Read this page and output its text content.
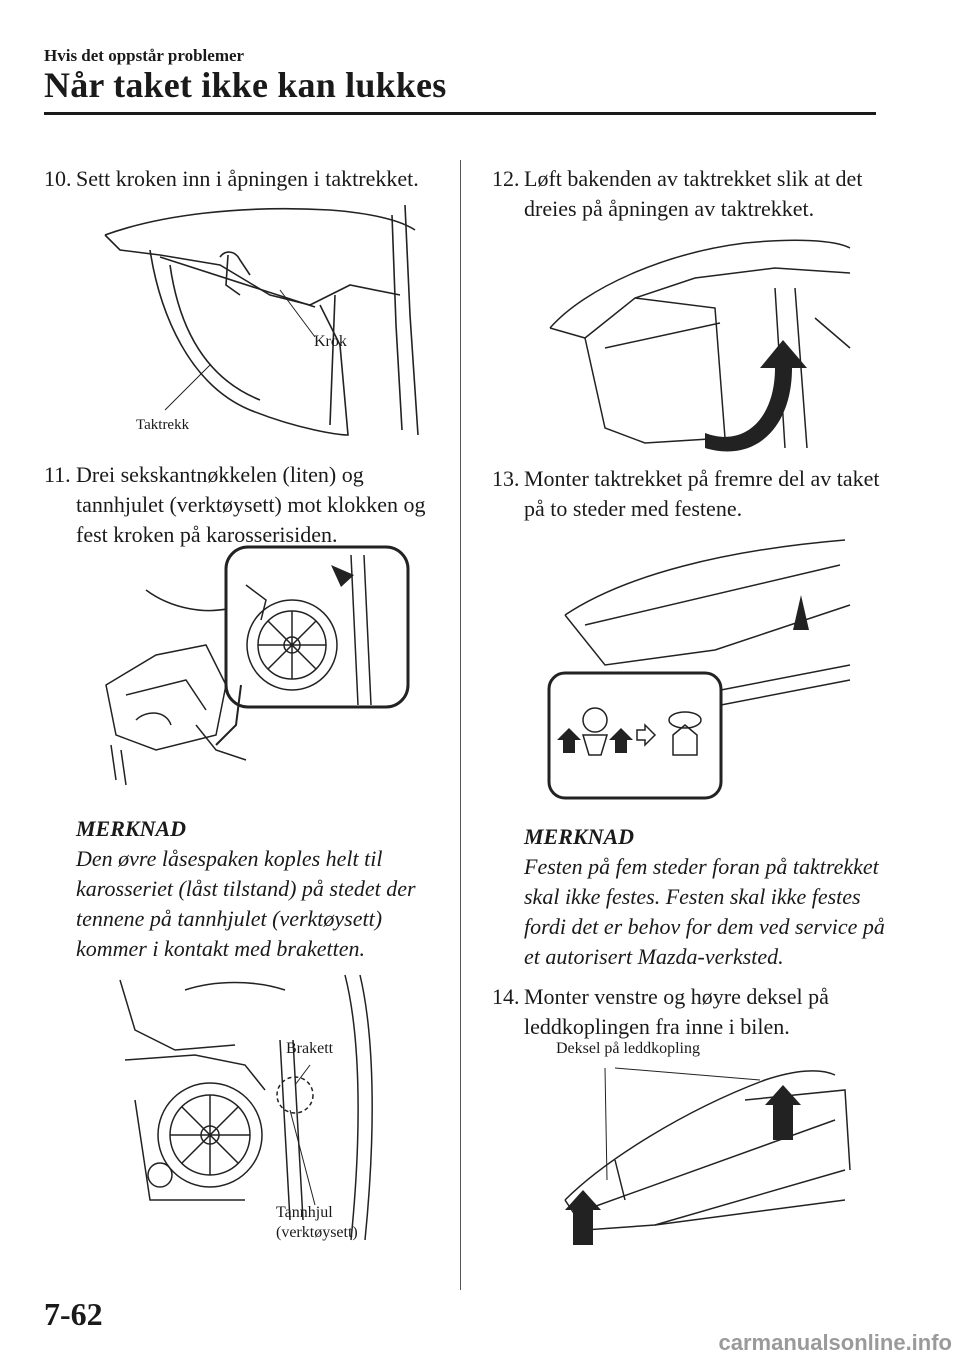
Hvis det oppstår problemer
Når taket ikke kan lukkes
10. Sett kroken inn i åpningen i taktrekket.
Krok
Taktrekk
11. Drei sekskantnøkkelen (liten) og tannhjulet (verktøysett) mot klokken og fest kroken på karosserisiden.
MERKNAD
Den øvre låsespaken koples helt til karosseriet (låst tilstand) på stedet der tennene på tannhjulet (verktøysett) kommer i kontakt med braketten.
Brakett
Tannhjul
(verktøysett)
12. Løft bakenden av taktrekket slik at det dreies på åpningen av taktrekket.
13. Monter taktrekket på fremre del av taket på to steder med festene.
MERKNAD
Festen på fem steder foran på taktrekket skal ikke festes. Festen skal ikke festes fordi det er behov for dem ved service på et autorisert Mazda-verksted.
14. Monter venstre og høyre deksel på leddkoplingen fra inne i bilen.
Deksel på leddkopling
7-62
carmanualsonline.info
